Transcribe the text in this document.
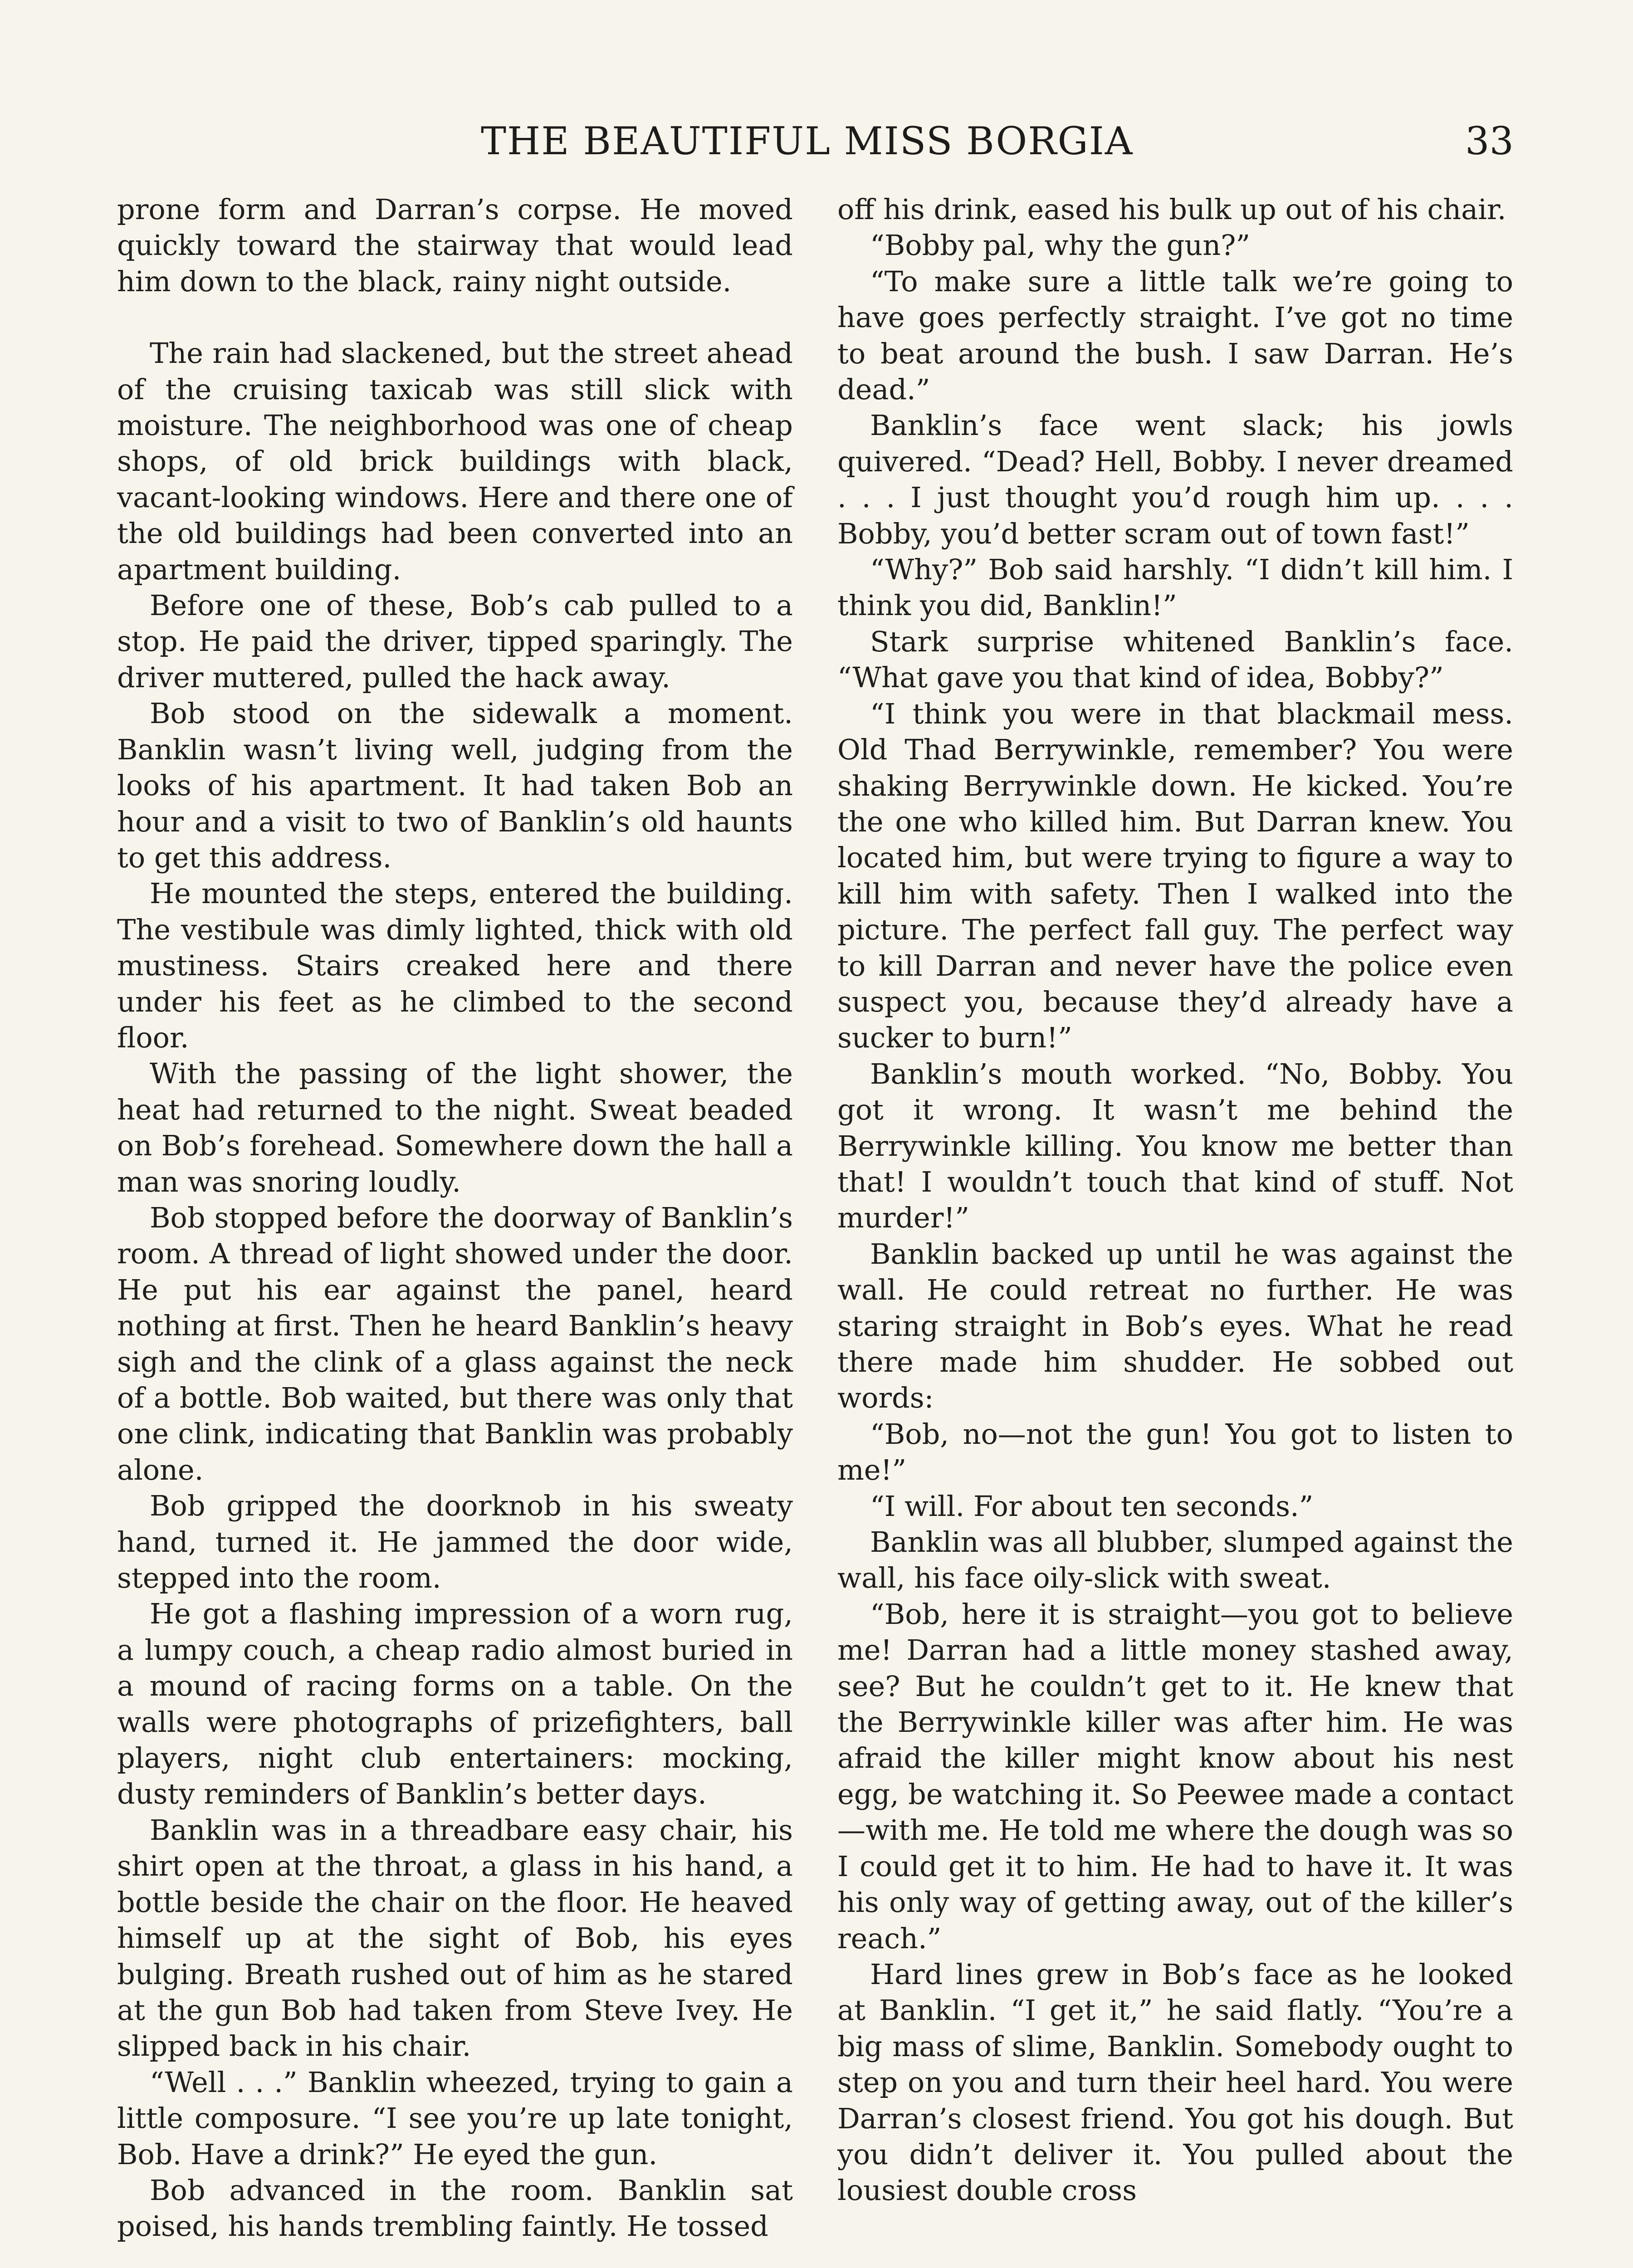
THE BEAUTIFUL MISS BORGIA	33

prone form and Darran’s corpse. He moved quickly toward the stairway that would lead him down to the black, rainy night outside.

The rain had slackened, but the street ahead of the cruising taxicab was still slick with moisture. The neighborhood was one of cheap shops, of old brick buildings with black, vacant-looking windows. Here and there one of the old buildings had been converted into an apartment building.

Before one of these, Bob’s cab pulled to a stop. He paid the driver, tipped sparingly. The driver muttered, pulled the hack away.

Bob stood on the sidewalk a moment. Banklin wasn’t living well, judging from the looks of his apartment. It had taken Bob an hour and a visit to two of Banklin’s old haunts to get this address.

He mounted the steps, entered the building. The vestibule was dimly lighted, thick with old mustiness. Stairs creaked here and there under his feet as he climbed to the second floor.

With the passing of the light shower, the heat had returned to the night. Sweat beaded on Bob’s forehead. Somewhere down the hall a man was snoring loudly.

Bob stopped before the doorway of Banklin’s room. A thread of light showed under the door. He put his ear against the panel, heard nothing at first. Then he heard Banklin’s heavy sigh and the clink of a glass against the neck of a bottle. Bob waited, but there was only that one clink, indicating that Banklin was probably alone.

Bob gripped the doorknob in his sweaty hand, turned it. He jammed the door wide, stepped into the room.

He got a flashing impression of a worn rug, a lumpy couch, a cheap radio almost buried in a mound of racing forms on a table. On the walls were photographs of prizefighters, ball players, night club entertainers: mocking, dusty reminders of Banklin’s better days.

Banklin was in a threadbare easy chair, his shirt open at the throat, a glass in his hand, a bottle beside the chair on the floor. He heaved himself up at the sight of Bob, his eyes bulging. Breath rushed out of him as he stared at the gun Bob had taken from Steve Ivey. He slipped back in his chair.

“Well . . .” Banklin wheezed, trying to gain a little composure. “I see you’re up late tonight, Bob. Have a drink?” He eyed the gun.

Bob advanced in the room. Banklin sat poised, his hands trembling faintly. He tossed

off his drink, eased his bulk up out of his chair.

“Bobby pal, why the gun?”

“To make sure a little talk we’re going to have goes perfectly straight. I’ve got no time to beat around the bush. I saw Darran. He’s dead.”

Banklin’s face went slack; his jowls quivered. “Dead? Hell, Bobby. I never dreamed . . . I just thought you’d rough him up. . . . Bobby, you’d better scram out of town fast!”

“Why?” Bob said harshly. “I didn’t kill him. I think you did, Banklin!”

Stark surprise whitened Banklin’s face. “What gave you that kind of idea, Bobby?”

“I think you were in that blackmail mess. Old Thad Berrywinkle, remember? You were shaking Berrywinkle down. He kicked. You’re the one who killed him. But Darran knew. You located him, but were trying to figure a way to kill him with safety. Then I walked into the picture. The perfect fall guy. The perfect way to kill Darran and never have the police even suspect you, because they’d already have a sucker to burn!”

Banklin’s mouth worked. “No, Bobby. You got it wrong. It wasn’t me behind the Berrywinkle killing. You know me better than that! I wouldn’t touch that kind of stuff. Not murder!”

Banklin backed up until he was against the wall. He could retreat no further. He was staring straight in Bob’s eyes. What he read there made him shudder. He sobbed out words:

“Bob, no—not the gun! You got to listen to me!”

“I will. For about ten seconds.”

Banklin was all blubber, slumped against the wall, his face oily-slick with sweat.

“Bob, here it is straight—you got to believe me! Darran had a little money stashed away, see? But he couldn’t get to it. He knew that the Berrywinkle killer was after him. He was afraid the killer might know about his nest egg, be watching it. So Peewee made a contact—with me. He told me where the dough was so I could get it to him. He had to have it. It was his only way of getting away, out of the killer’s reach.”

Hard lines grew in Bob’s face as he looked at Banklin. “I get it,” he said flatly. “You’re a big mass of slime, Banklin. Somebody ought to step on you and turn their heel hard. You were Darran’s closest friend. You got his dough. But you didn’t deliver it. You pulled about the lousiest double cross
